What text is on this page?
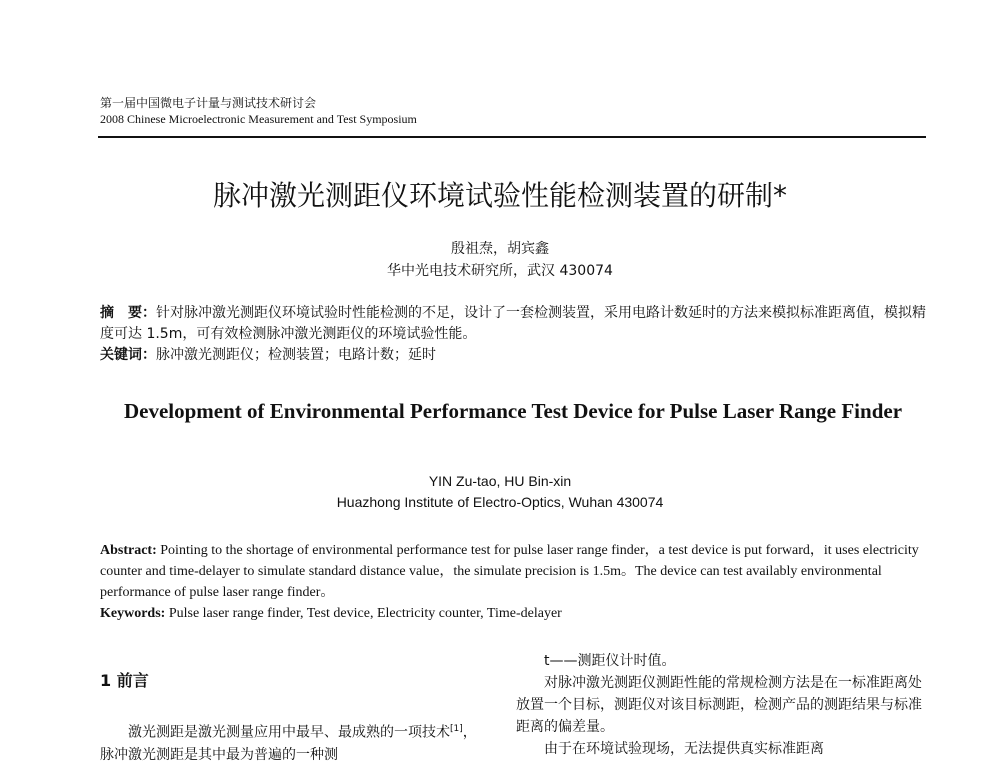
第一届中国微电子计量与测试技术研讨会
2008 Chinese Microelectronic Measurement and Test Symposium
脉冲激光测距仪环境试验性能检测装置的研制*
殷祖焘，胡宾鑫
华中光电技术研究所，武汉 430074

摘　要：针对脉冲激光测距仪环境试验时性能检测的不足，设计了一套检测装置，采用电路计数延时的方法来模拟标准距离值，模拟精度可达 1.5m，可有效检测脉冲激光测距仪的环境试验性能。

关键词：脉冲激光测距仪；检测装置；电路计数；延时

Development of Environmental Performance Test Device for Pulse Laser Range Finder
YIN Zu-tao, HU Bin-xin
Huazhong Institute of Electro-Optics, Wuhan 430074

Abstract: Pointing to the shortage of environmental performance test for pulse laser range finder，a test device is put forward，it uses electricity counter and time-delayer to simulate standard distance value，the simulate precision is 1.5m。The device can test availably environmental performance of pulse laser range finder。

Keywords: Pulse laser range finder, Test device, Electricity counter, Time-delayer

1 前言

激光测距是激光测量应用中最早、最成熟的一项技术[1]，脉冲激光测距是其中最为普遍的一种测

t——测距仪计时值。

对脉冲激光测距仪测距性能的常规检测方法是在一标准距离处放置一个目标，测距仪对该目标测距，检测产品的测距结果与标准距离的偏差量。

由于在环境试验现场，无法提供真实标准距离
